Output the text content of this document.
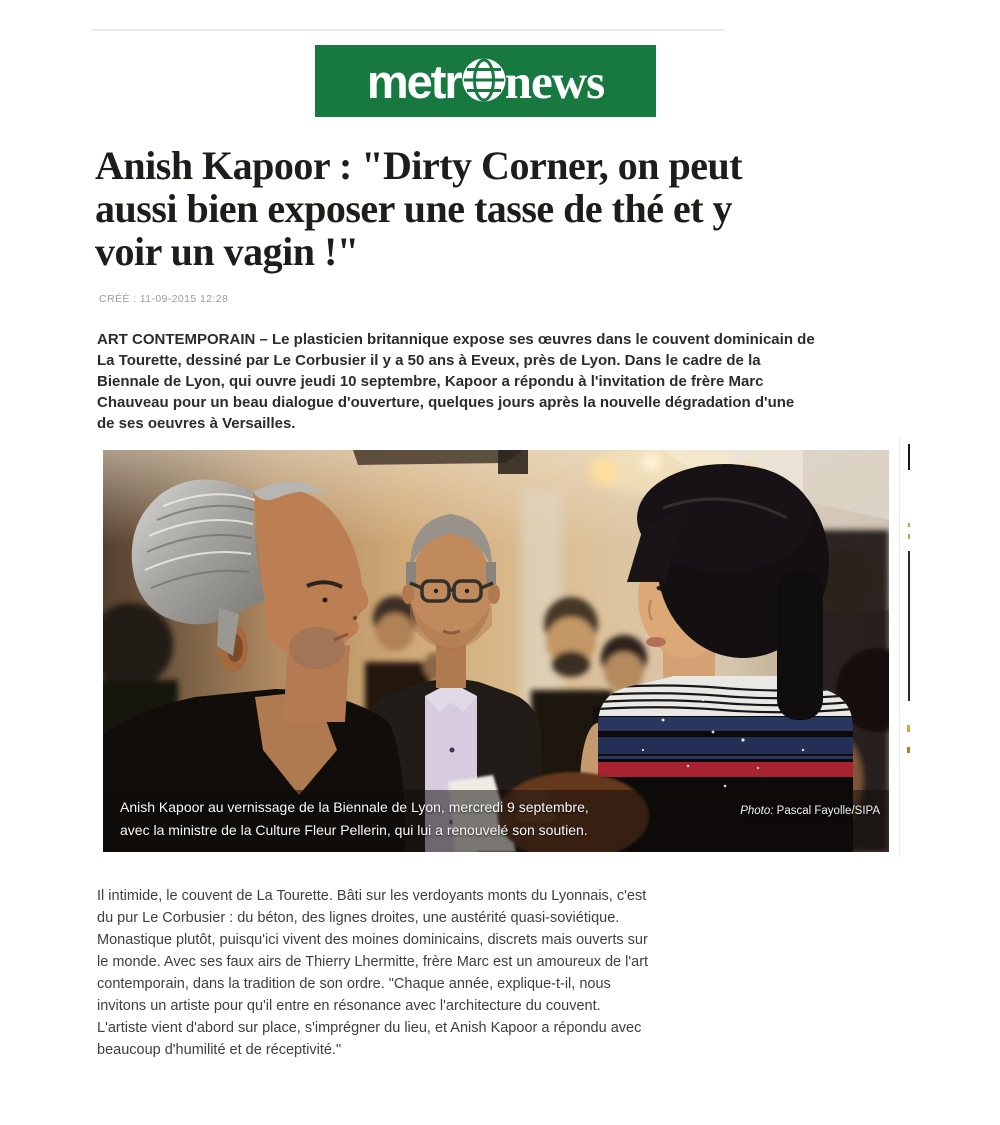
metr news
Anish Kapoor : "Dirty Corner, on peut
aussi bien exposer une tasse de thé et y
voir un vagin !"
CRÉÉ : 11-09-2015 12:28
ART CONTEMPORAIN – Le plasticien britannique expose ses œuvres dans le couvent dominicain de
La Tourette, dessiné par Le Corbusier il y a 50 ans à Eveux, près de Lyon. Dans le cadre de la
Biennale de Lyon, qui ouvre jeudi 10 septembre, Kapoor a répondu à l'invitation de frère Marc
Chauveau pour un beau dialogue d'ouverture, quelques jours après la nouvelle dégradation d'une
de ses oeuvres à Versailles.
Anish Kapoor au vernissage de la Biennale de Lyon, mercredi 9 septembre,
avec la ministre de la Culture Fleur Pellerin, qui lui a renouvelé son soutien.
Photo: Pascal Fayolle/SIPA
Il intimide, le couvent de La Tourette. Bâti sur les verdoyants monts du Lyonnais, c'est
du pur Le Corbusier : du béton, des lignes droites, une austérité quasi-soviétique.
Monastique plutôt, puisqu'ici vivent des moines dominicains, discrets mais ouverts sur
le monde. Avec ses faux airs de Thierry Lhermitte, frère Marc est un amoureux de l'art
contemporain, dans la tradition de son ordre. "Chaque année, explique-t-il, nous
invitons un artiste pour qu'il entre en résonance avec l'architecture du couvent.
L'artiste vient d'abord sur place, s'imprégner du lieu, et Anish Kapoor a répondu avec
beaucoup d'humilité et de réceptivité."
